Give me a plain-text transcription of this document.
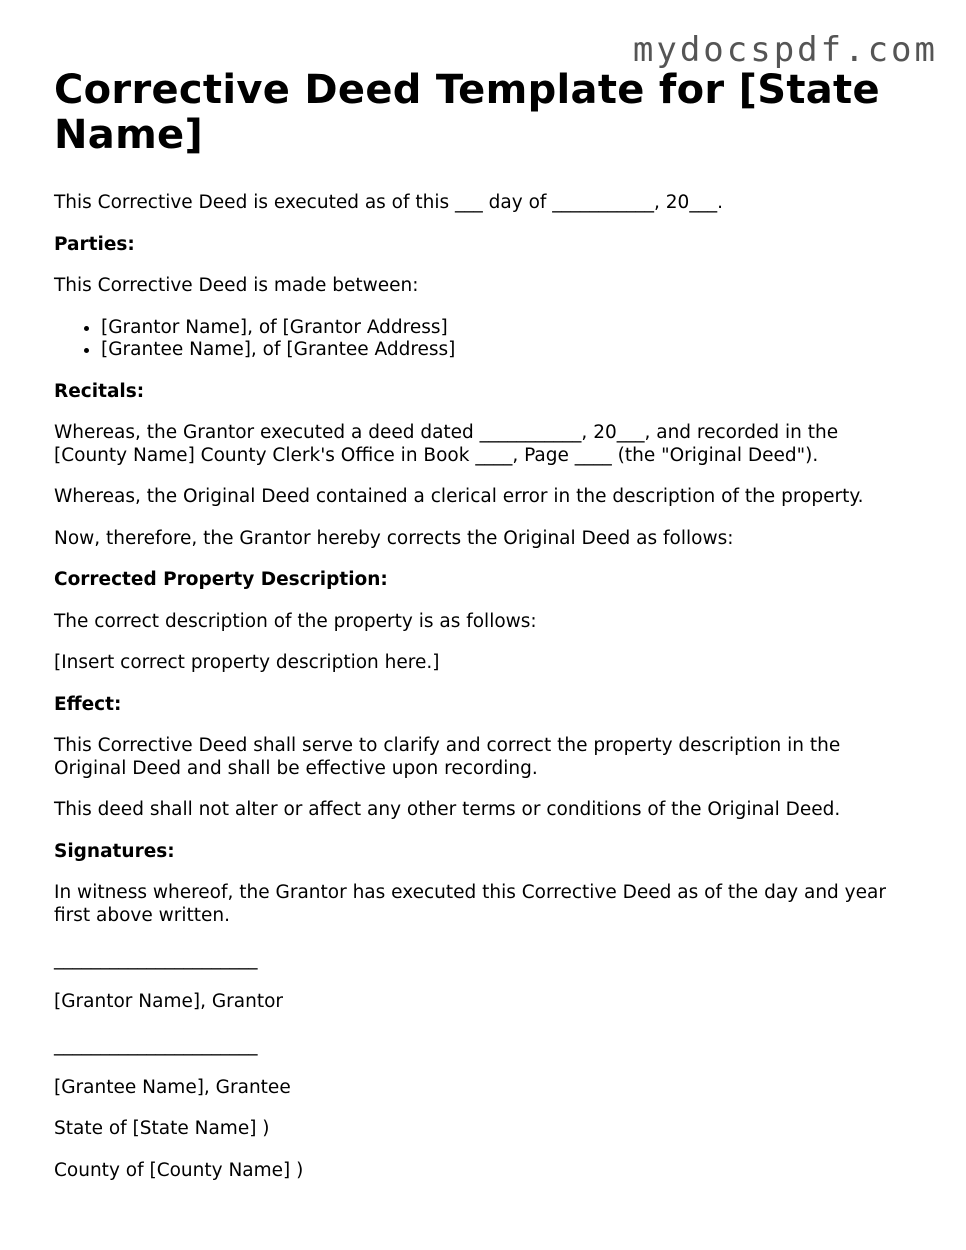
mydocspdf.com
Corrective Deed Template for [State Name]

This Corrective Deed is executed as of this ___ day of ___________, 20___.

Parties:

This Corrective Deed is made between:

• [Grantor Name], of [Grantor Address]
• [Grantee Name], of [Grantee Address]

Recitals:

Whereas, the Grantor executed a deed dated ___________, 20___, and recorded in the [County Name] County Clerk's Office in Book ____, Page ____ (the "Original Deed").

Whereas, the Original Deed contained a clerical error in the description of the property.

Now, therefore, the Grantor hereby corrects the Original Deed as follows:

Corrected Property Description:

The correct description of the property is as follows:

[Insert correct property description here.]

Effect:

This Corrective Deed shall serve to clarify and correct the property description in the Original Deed and shall be effective upon recording.

This deed shall not alter or affect any other terms or conditions of the Original Deed.

Signatures:

In witness whereof, the Grantor has executed this Corrective Deed as of the day and year first above written.

______________________

[Grantor Name], Grantor

______________________

[Grantee Name], Grantee

State of [State Name] )

County of [County Name] )
